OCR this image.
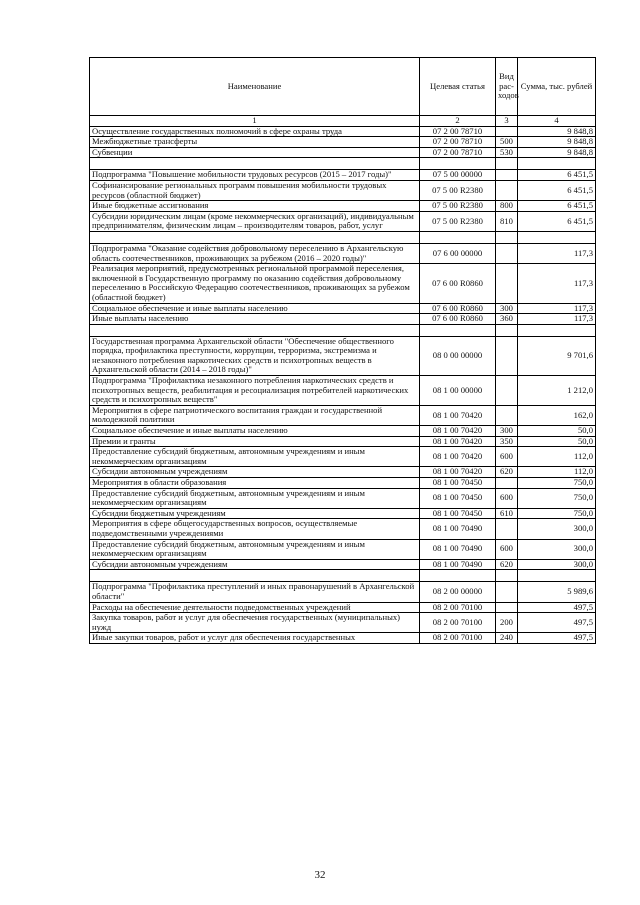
Наименование	Целевая статья	Вид рас-ходов	Сумма, тыс. рублей
1	2	3	4
Осуществление государственных полномочий в сфере охраны труда	07 2 00 78710		9 848,8
Межбюджетные трансферты	07 2 00 78710	500	9 848,8
Субвенции	07 2 00 78710	530	9 848,8

Подпрограмма "Повышение мобильности трудовых ресурсов (2015 – 2017 годы)"	07 5 00 00000		6 451,5
Софинансирование региональных программ повышения мобильности трудовых ресурсов (областной бюджет)	07 5 00 R2380		6 451,5
Иные бюджетные ассигнования	07 5 00 R2380	800	6 451,5
Субсидии юридическим лицам (кроме некоммерческих организаций), индивидуальным предпринимателям, физическим лицам – производителям товаров, работ, услуг	07 5 00 R2380	810	6 451,5

Подпрограмма "Оказание содействия добровольному переселению в Архангельскую область соотечественников, проживающих за рубежом (2016 – 2020 годы)"	07 6 00 00000		117,3
Реализация мероприятий, предусмотренных региональной программой переселения, включенной в Государственную программу по оказанию содействия добровольному переселению в Российскую Федерацию соотечественников, проживающих за рубежом (областной бюджет)	07 6 00 R0860		117,3
Социальное обеспечение и иные выплаты населению	07 6 00 R0860	300	117,3
Иные выплаты населению	07 6 00 R0860	360	117,3

Государственная программа Архангельской области "Обеспечение общественного порядка, профилактика преступности, коррупции, терроризма, экстремизма и незаконного потребления наркотических средств и психотропных веществ в Архангельской области (2014 – 2018 годы)"	08 0 00 00000		9 701,6
Подпрограмма "Профилактика незаконного потребления наркотических средств и психотропных веществ, реабилитация и ресоциализация потребителей наркотических средств и психотропных веществ"	08 1 00 00000		1 212,0
Мероприятия в сфере патриотического воспитания граждан и государственной молодежной политики	08 1 00 70420		162,0
Социальное обеспечение и иные выплаты населению	08 1 00 70420	300	50,0
Премии и гранты	08 1 00 70420	350	50,0
Предоставление субсидий бюджетным, автономным учреждениям и иным некоммерческим организациям	08 1 00 70420	600	112,0
Субсидии автономным учреждениям	08 1 00 70420	620	112,0
Мероприятия в области образования	08 1 00 70450		750,0
Предоставление субсидий бюджетным, автономным учреждениям и иным некоммерческим организациям	08 1 00 70450	600	750,0
Субсидии бюджетным учреждениям	08 1 00 70450	610	750,0
Мероприятия в сфере общегосударственных вопросов, осуществляемые подведомственными учреждениями	08 1 00 70490		300,0
Предоставление субсидий бюджетным, автономным учреждениям и иным некоммерческим организациям	08 1 00 70490	600	300,0
Субсидии автономным учреждениям	08 1 00 70490	620	300,0

Подпрограмма "Профилактика преступлений и иных правонарушений в Архангельской области"	08 2 00 00000		5 989,6
Расходы на обеспечение деятельности подведомственных учреждений	08 2 00 70100		497,5
Закупка товаров, работ и услуг для обеспечения государственных (муниципальных) нужд	08 2 00 70100	200	497,5
Иные закупки товаров, работ и услуг для обеспечения государственных	08 2 00 70100	240	497,5
32
